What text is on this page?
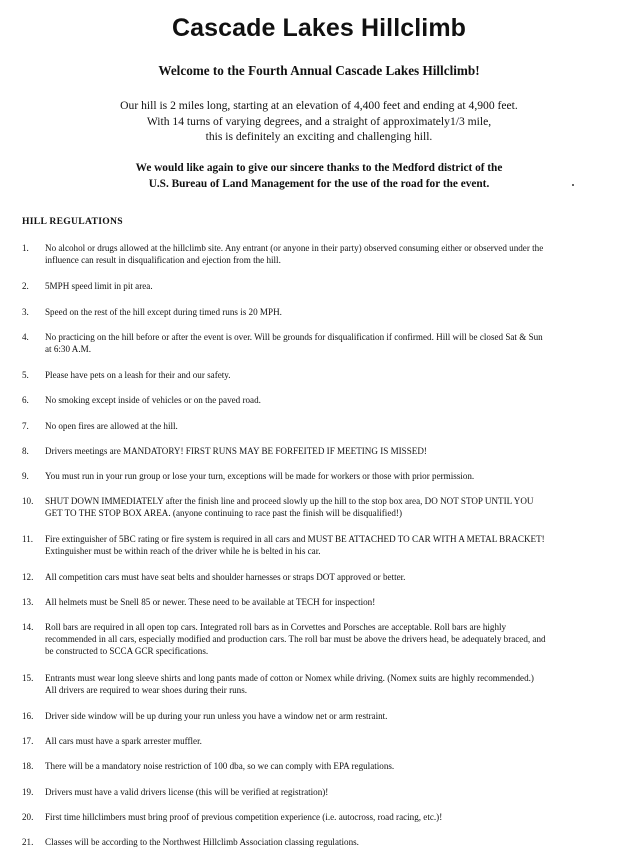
Cascade Lakes Hillclimb
Welcome to the Fourth Annual Cascade Lakes Hillclimb!
Our hill is 2 miles long, starting at an elevation of 4,400 feet and ending at 4,900 feet.
With 14 turns of varying degrees, and a straight of approximately1/3 mile,
this is definitely an exciting and challenging hill.
We would like again to give our sincere thanks to the Medford district of the
U.S. Bureau of Land Management for the use of the road for the event.
HILL REGULATIONS
1. No alcohol or drugs allowed at the hillclimb site. Any entrant (or anyone in their party) observed consuming either or observed under the
influence can result in disqualification and ejection from the hill.
2. 5MPH speed limit in pit area.
3. Speed on the rest of the hill except during timed runs is 20 MPH.
4. No practicing on the hill before or after the event is over. Will be grounds for disqualification if confirmed. Hill will be closed Sat & Sun
at 6:30 A.M.
5. Please have pets on a leash for their and our safety.
6. No smoking except inside of vehicles or on the paved road.
7. No open fires are allowed at the hill.
8. Drivers meetings are MANDATORY! FIRST RUNS MAY BE FORFEITED IF MEETING IS MISSED!
9. You must run in your run group or lose your turn, exceptions will be made for workers or those with prior permission.
10. SHUT DOWN IMMEDIATELY after the finish line and proceed slowly up the hill to the stop box area, DO NOT STOP UNTIL YOU
GET TO THE STOP BOX AREA. (anyone continuing to race past the finish will be disqualified!)
11. Fire extinguisher of 5BC rating or fire system is required in all cars and MUST BE ATTACHED TO CAR WITH A METAL BRACKET!
Extinguisher must be within reach of the driver while he is belted in his car.
12. All competition cars must have seat belts and shoulder harnesses or straps DOT approved or better.
13. All helmets must be Snell 85 or newer. These need to be available at TECH for inspection!
14. Roll bars are required in all open top cars. Integrated roll bars as in Corvettes and Porsches are acceptable. Roll bars are highly
recommended in all cars, especially modified and production cars. The roll bar must be above the drivers head, be adequately braced, and
be constructed to SCCA GCR specifications.
15. Entrants must wear long sleeve shirts and long pants made of cotton or Nomex while driving. (Nomex suits are highly recommended.)
All drivers are required to wear shoes during their runs.
16. Driver side window will be up during your run unless you have a window net or arm restraint.
17. All cars must have a spark arrester muffler.
18. There will be a mandatory noise restriction of 100 dba, so we can comply with EPA regulations.
19. Drivers must have a valid drivers license (this will be verified at registration)!
20. First time hillclimbers must bring proof of previous competition experience (i.e. autocross, road racing, etc.)!
21. Classes will be according to the Northwest Hillclimb Association classing regulations.
